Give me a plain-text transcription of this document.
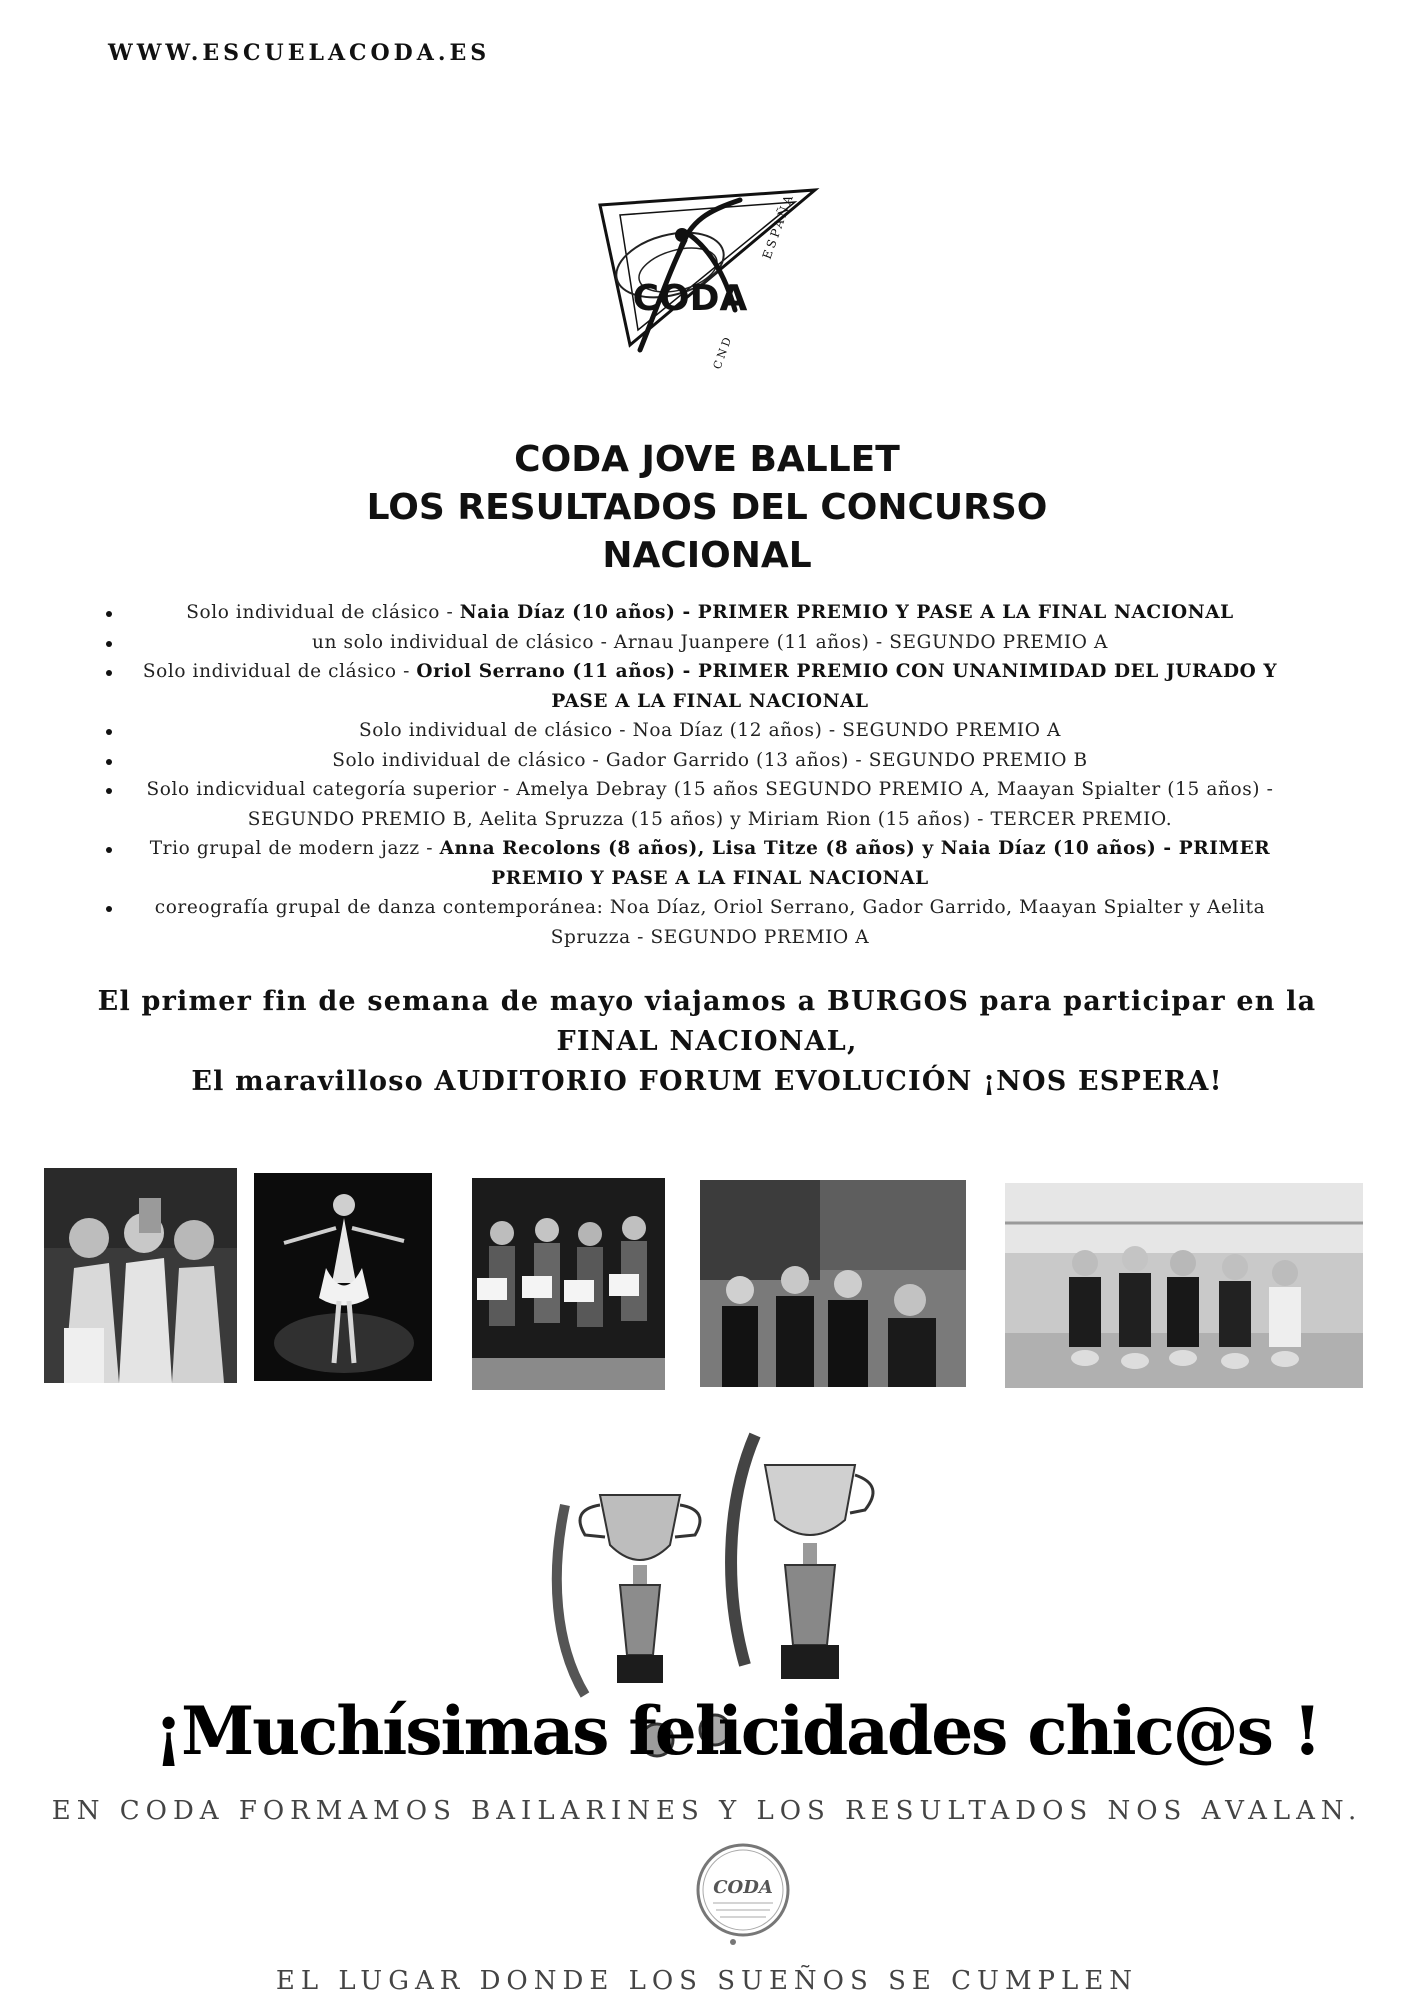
WWW.ESCUELACODA.ES
CODA
ESPAÑA
CND
CODA JOVE BALLET
LOS RESULTADOS DEL CONCURSO
NACIONAL
Solo individual de clásico - Naia Díaz (10 años) - PRIMER PREMIO Y PASE A LA FINAL NACIONAL
un solo individual de clásico - Arnau Juanpere (11 años) - SEGUNDO PREMIO A
Solo individual de clásico - Oriol Serrano (11 años) - PRIMER PREMIO CON UNANIMIDAD DEL JURADO Y PASE A LA FINAL NACIONAL
Solo individual de clásico - Noa Díaz (12 años) - SEGUNDO PREMIO A
Solo individual de clásico - Gador Garrido (13 años) - SEGUNDO PREMIO B
Solo indicvidual categoría superior - Amelya Debray (15 años SEGUNDO PREMIO A, Maayan Spialter (15 años) - SEGUNDO PREMIO B, Aelita Spruzza (15 años) y Miriam Rion (15 años) - TERCER PREMIO.
Trio grupal de modern jazz - Anna Recolons (8 años), Lisa Titze (8 años) y Naia Díaz (10 años) - PRIMER PREMIO Y PASE A LA FINAL NACIONAL
coreografía grupal de danza contemporánea: Noa Díaz, Oriol Serrano, Gador Garrido, Maayan Spialter y Aelita Spruzza - SEGUNDO PREMIO A
El primer fin de semana de mayo viajamos a BURGOS para participar en la
FINAL NACIONAL,
El maravilloso AUDITORIO FORUM EVOLUCIÓN ¡NOS ESPERA!
¡Muchísimas felicidades chic@s !
EN CODA FORMAMOS BAILARINES Y LOS RESULTADOS NOS AVALAN.
CODA
EL LUGAR DONDE LOS SUEÑOS SE CUMPLEN
